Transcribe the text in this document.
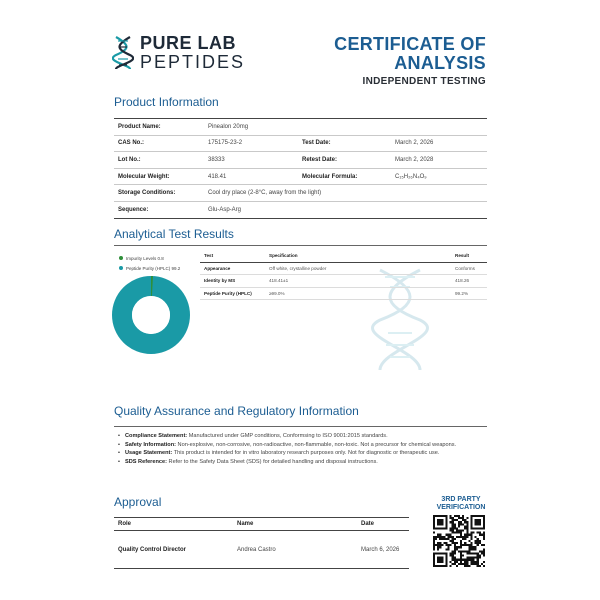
PURE LAB
PEPTIDES
CERTIFICATE OF
ANALYSIS
INDEPENDENT TESTING
Product Information
Product Name:	Pinealon 20mg
CAS No.:	175175-23-2	Test Date:	March 2, 2026
Lot No.:	38333	Retest Date:	March 2, 2028
Molecular Weight:	418.41	Molecular Formula:	C₁₅H₂₆N₄O₉
Storage Conditions:	Cool dry place (2-8°C, away from the light)
Sequence:	Glu-Asp-Arg
Analytical Test Results
Impurity Levels 0.8
Peptide Purity (HPLC) 99.2
Test	Specification	Result
Appearance	Off white, crystalline powder	Conforms
Identity by MS	418.41±1	418.26
Peptide Purity (HPLC)	≥99.0%	99.2%
Quality Assurance and Regulatory Information
• Compliance Statement: Manufactured under GMP conditions, Conformsing to ISO 9001:2015 standards.
• Safety Information: Non-explosive, non-corrosive, non-radioactive, non-flammable, non-toxic. Not a precursor for chemical weapons.
• Usage Statement: This product is intended for in vitro laboratory research purposes only. Not for diagnostic or therapeutic use.
• SDS Reference: Refer to the Safety Data Sheet (SDS) for detailed handling and disposal instructions.
Approval
Role	Name	Date
Quality Control Director	Andrea Castro	March 6, 2026
3RD PARTY
VERIFICATION
